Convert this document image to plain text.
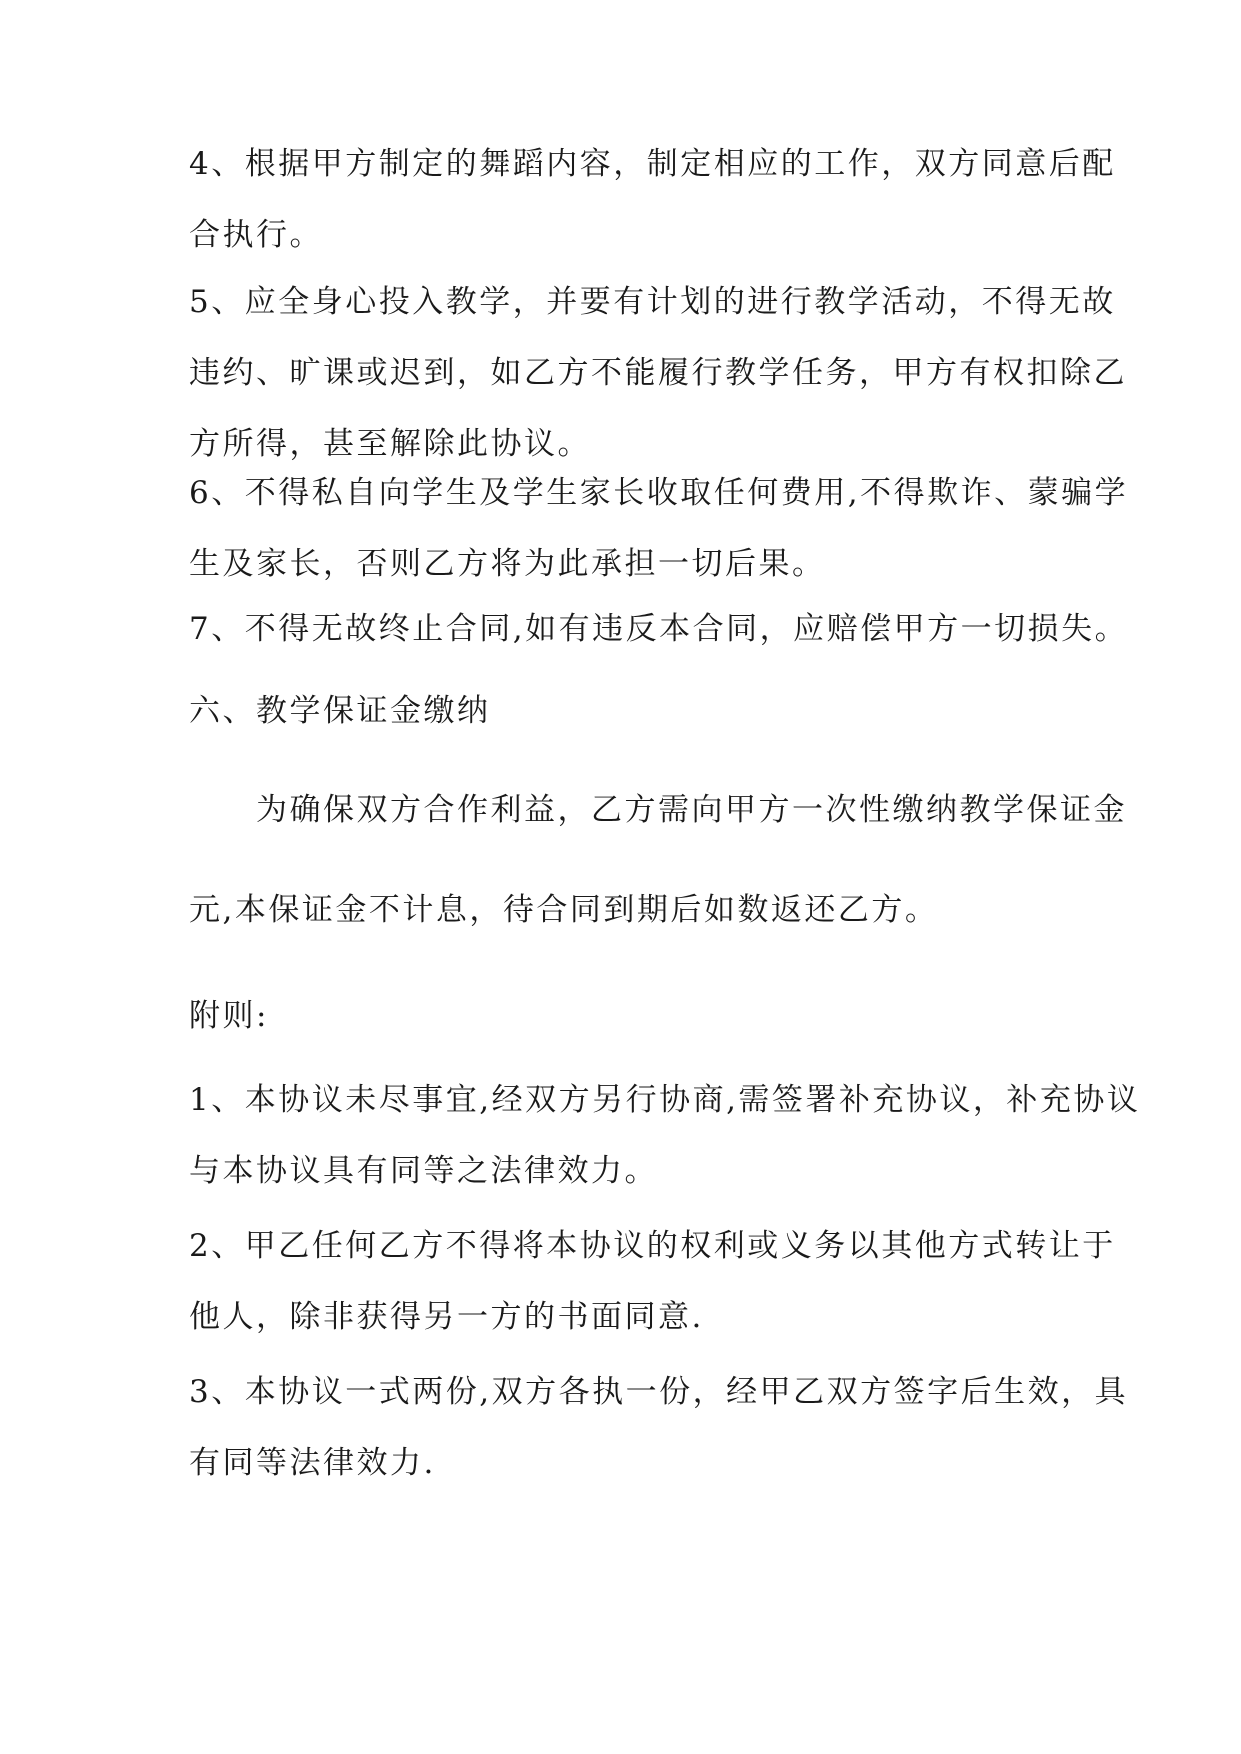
4、根据甲方制定的舞蹈内容，制定相应的工作，双方同意后配
合执行。
5、应全身心投入教学，并要有计划的进行教学活动，不得无故
违约、旷课或迟到，如乙方不能履行教学任务，甲方有权扣除乙
方所得，甚至解除此协议。
6、不得私自向学生及学生家长收取任何费用,不得欺诈、蒙骗学
生及家长，否则乙方将为此承担一切后果。
7、不得无故终止合同,如有违反本合同，应赔偿甲方一切损失。
六、教学保证金缴纳
　　为确保双方合作利益，乙方需向甲方一次性缴纳教学保证金
元,本保证金不计息，待合同到期后如数返还乙方。
附则:
1、本协议未尽事宜,经双方另行协商,需签署补充协议，补充协议
与本协议具有同等之法律效力。
2、甲乙任何乙方不得将本协议的权利或义务以其他方式转让于
他人，除非获得另一方的书面同意.
3、本协议一式两份,双方各执一份，经甲乙双方签字后生效，具
有同等法律效力.
